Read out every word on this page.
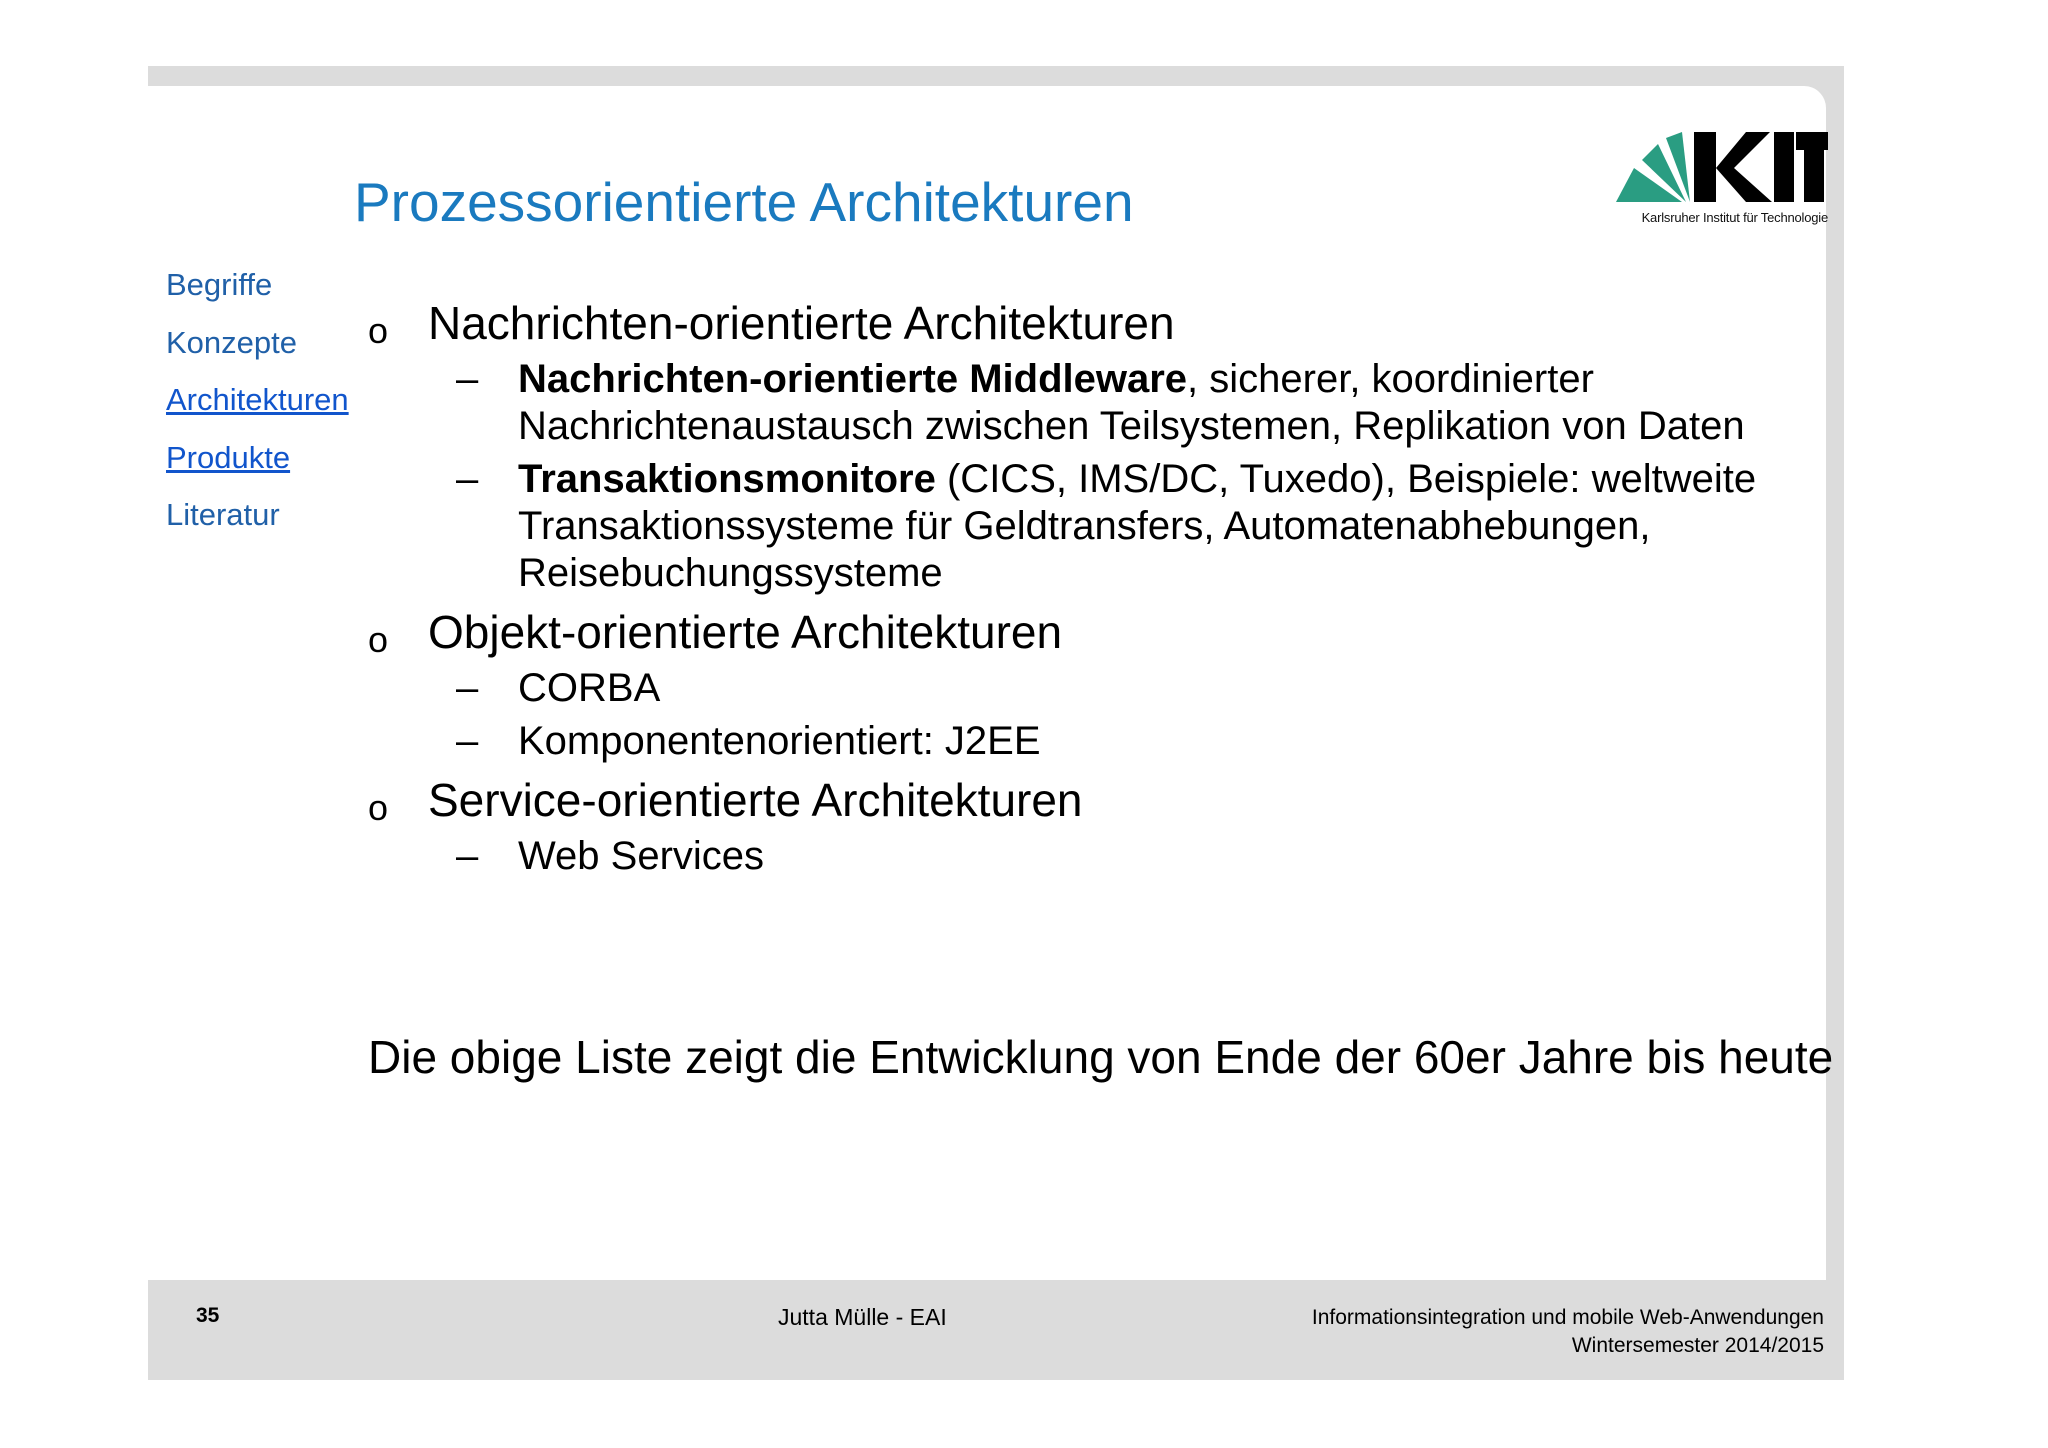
Prozessorientierte Architekturen	Karlsruher Institut für Technologie
Begriffe
Konzepte
Architekturen
Produkte
Literatur
o Nachrichten-orientierte Architekturen
– Nachrichten-orientierte Middleware, sicherer, koordinierter Nachrichtenaustausch zwischen Teilsystemen, Replikation von Daten
– Transaktionsmonitore (CICS, IMS/DC, Tuxedo), Beispiele: weltweite Transaktionssysteme für Geldtransfers, Automatenabhebungen, Reisebuchungssysteme
o Objekt-orientierte Architekturen
– CORBA
– Komponentenorientiert: J2EE
o Service-orientierte Architekturen
– Web Services
Die obige Liste zeigt die Entwicklung von Ende der 60er Jahre bis heute
35	Jutta Mülle - EAI	Informationsintegration und mobile Web-Anwendungen
Wintersemester 2014/2015
